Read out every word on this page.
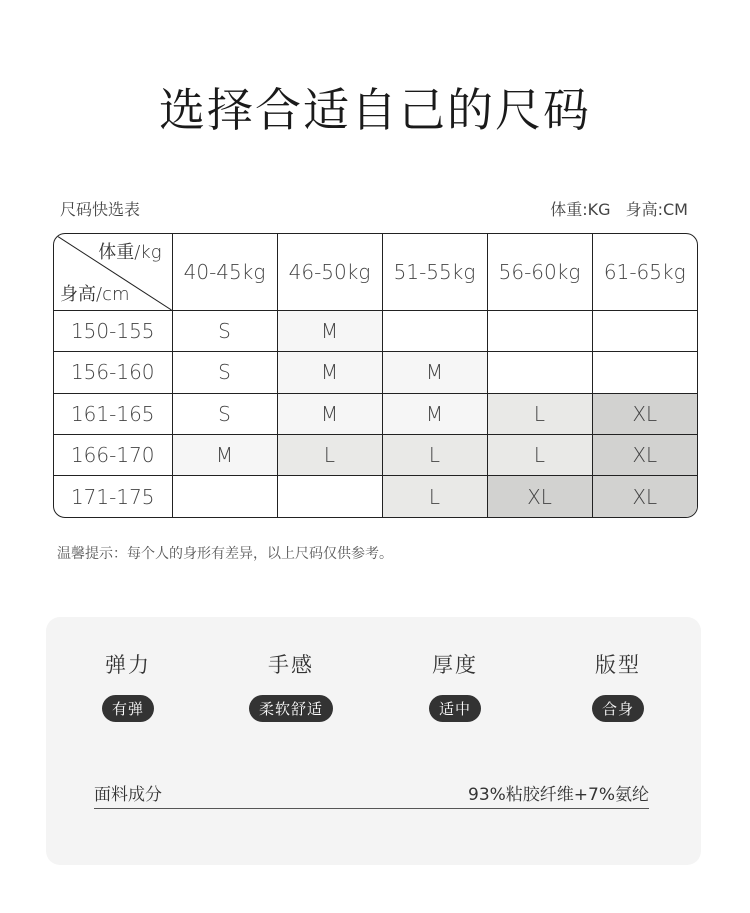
选择合适自己的尺码
尺码快选表	体重:KG 身高:CM
体重/kg
身高/cm	40-45kg	46-50kg	51-55kg	56-60kg	61-65kg
150-155	S	M			
156-160	S	M	M		
161-165	S	M	M	L	XL
166-170	M	L	L	L	XL
171-175			L	XL	XL
温馨提示：每个人的身形有差异，以上尺码仅供参考。
弹力
有弹
手感
柔软舒适
厚度
适中
版型
合身
面料成分	93%粘胶纤维+7%氨纶
